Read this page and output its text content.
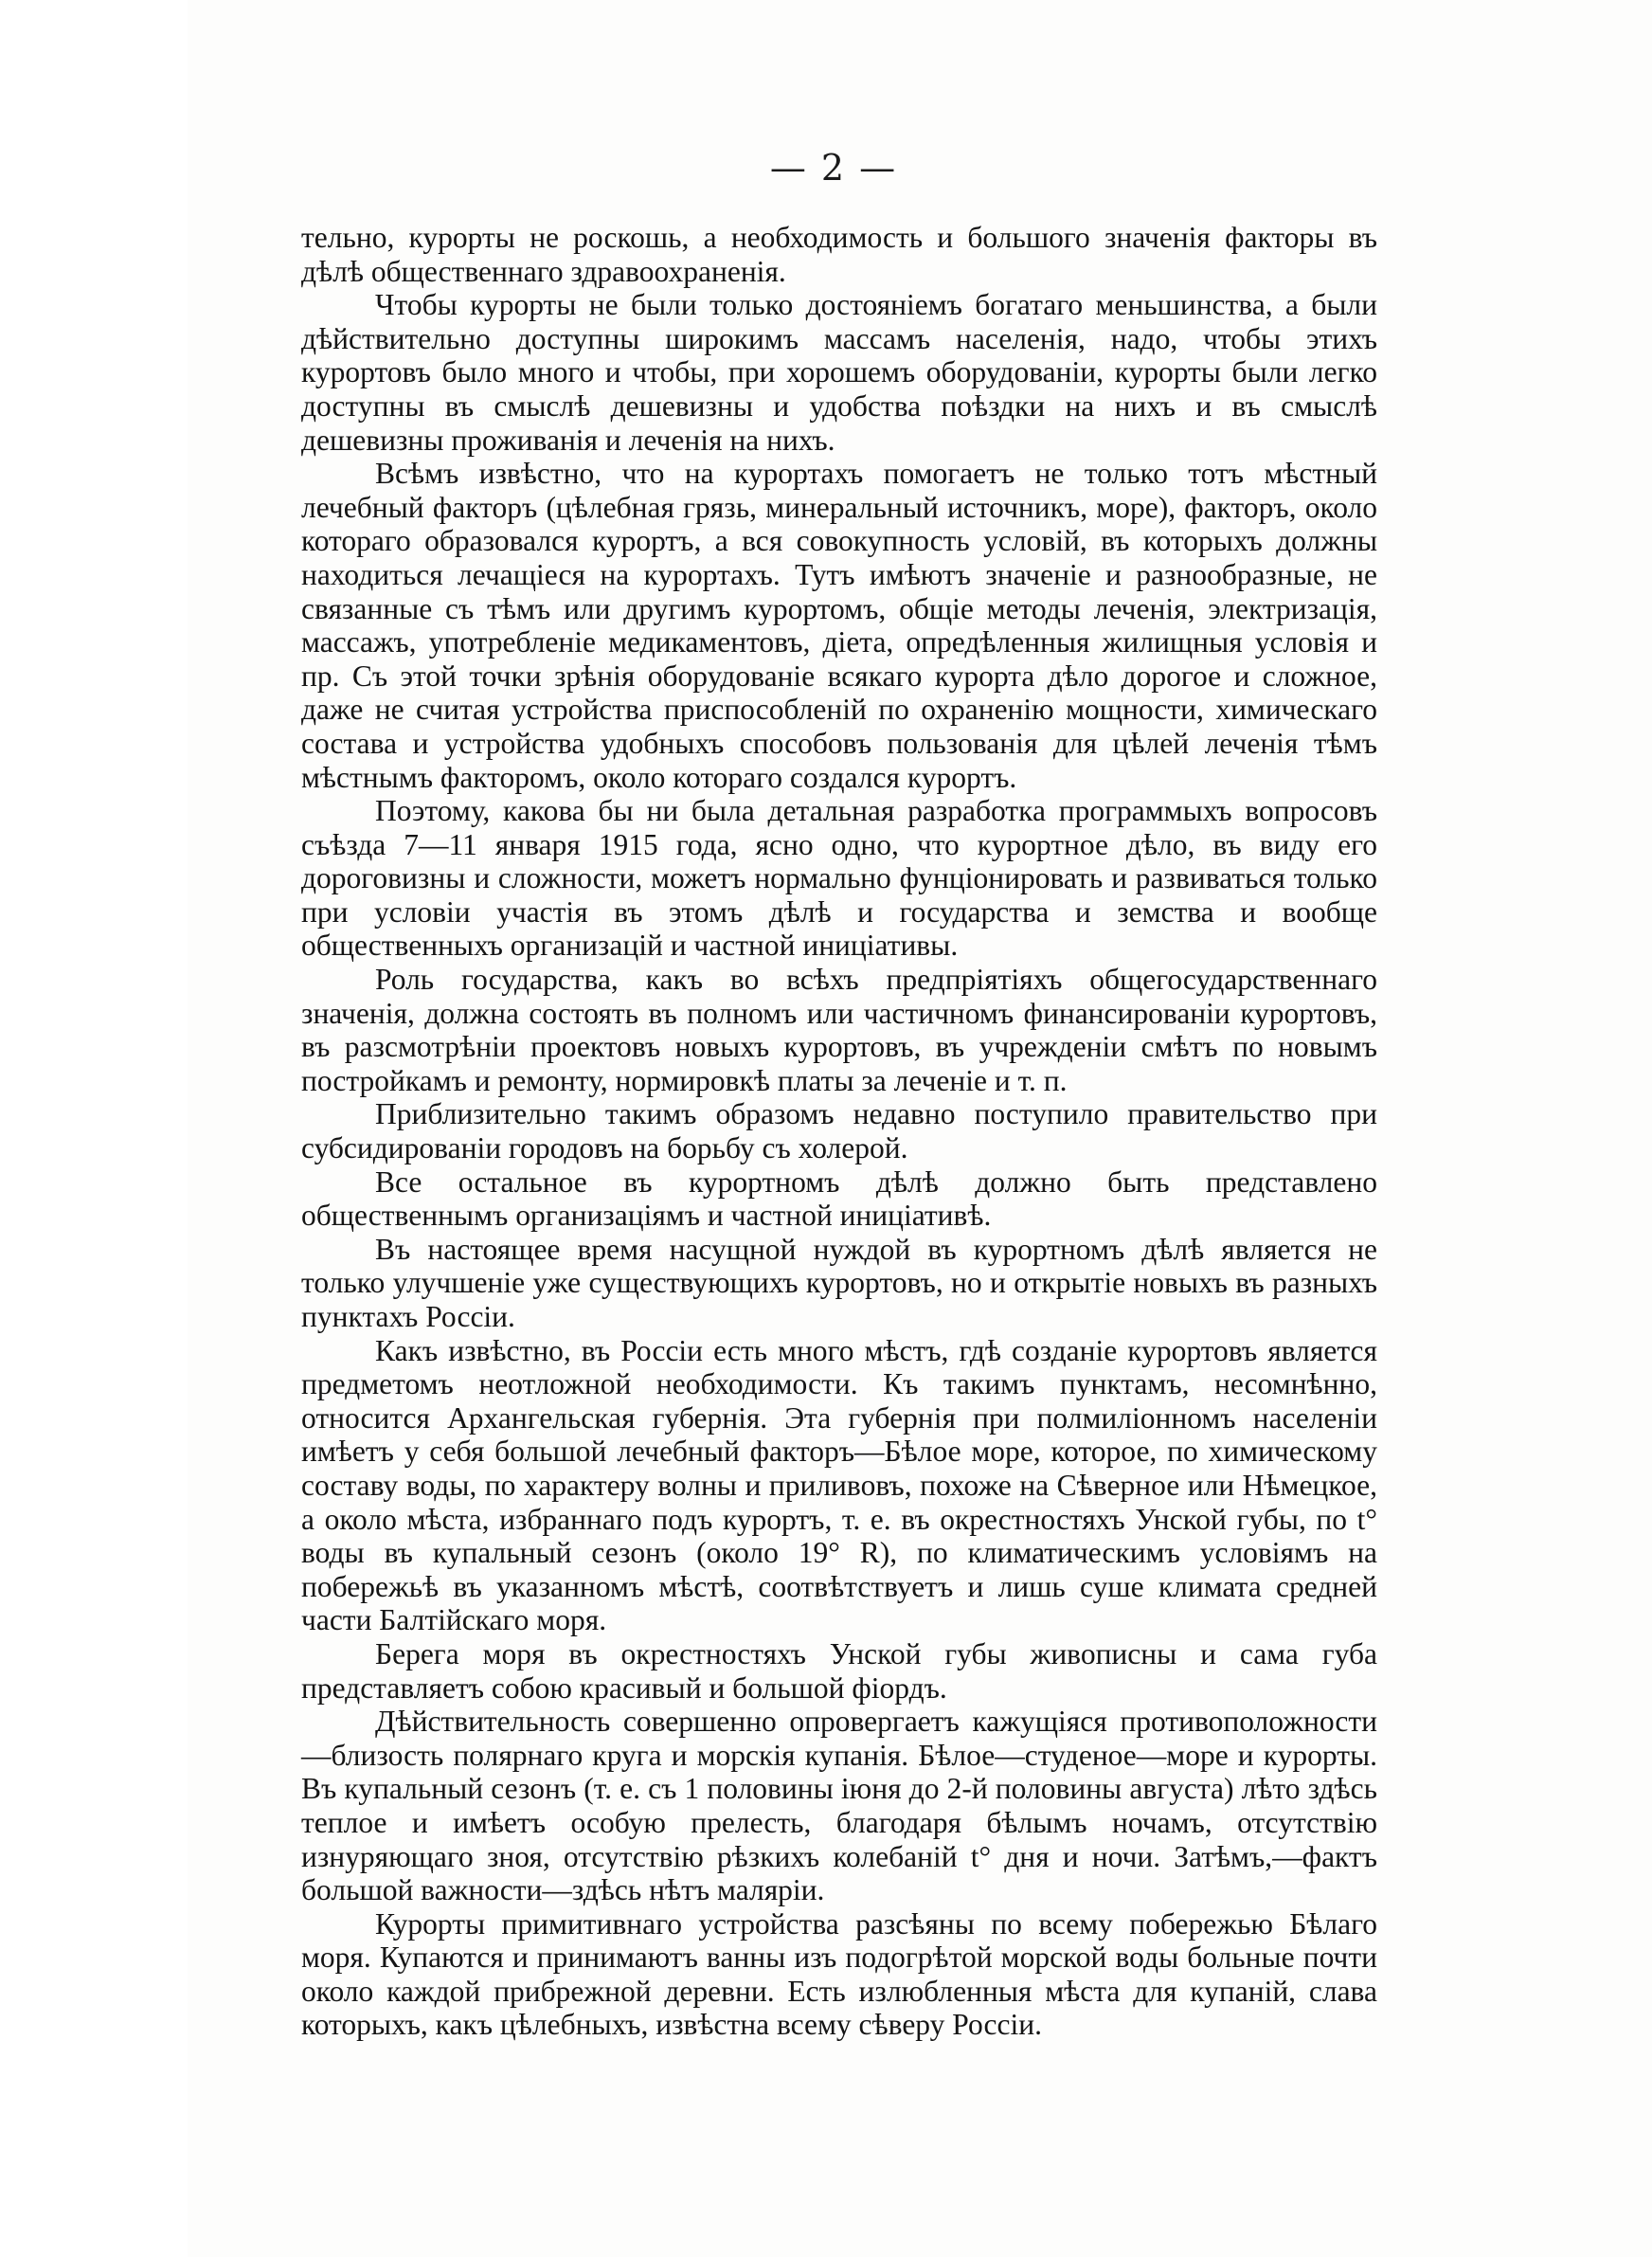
— 2 —

тельно, курорты не роскошь, а необходимость и большого значенія факторы въ дѣлѣ общественнаго здравоохраненія.

Чтобы курорты не были только достояніемъ богатаго меньшинства, а были дѣйствительно доступны широкимъ массамъ населенія, надо, чтобы этихъ курортовъ было много и чтобы, при хорошемъ оборудованіи, курорты были легко доступны въ смыслѣ дешевизны и удобства поѣздки на нихъ и въ смыслѣ дешевизны проживанія и леченія на нихъ.

Всѣмъ извѣстно, что на курортахъ помогаетъ не только тотъ мѣстный лечебный факторъ (цѣлебная грязь, минеральный источникъ, море), факторъ, около котораго образовался курортъ, а вся совокупность условій, въ которыхъ должны находиться лечащіеся на курортахъ. Тутъ имѣютъ значеніе и разнообразные, не связанные съ тѣмъ или другимъ курортомъ, общіе методы леченія, электризація, массажъ, употребленіе медикаментовъ, діета, опредѣленныя жилищныя условія и пр. Съ этой точки зрѣнія оборудованіе всякаго курорта дѣло дорогое и сложное, даже не считая устройства приспособленій по охраненію мощности, химическаго состава и устройства удобныхъ способовъ пользованія для цѣлей леченія тѣмъ мѣстнымъ факторомъ, около котораго создался курортъ.

Поэтому, какова бы ни была детальная разработка программыхъ вопросовъ съѣзда 7—11 января 1915 года, ясно одно, что курортное дѣло, въ виду его дороговизны и сложности, можетъ нормально фунціонировать и развиваться только при условіи участія въ этомъ дѣлѣ и государства и земства и вообще общественныхъ организацій и частной иниціативы.

Роль государства, какъ во всѣхъ предпріятіяхъ общегосударственнаго значенія, должна состоять въ полномъ или частичномъ финансированіи курортовъ, въ разсмотрѣніи проектовъ новыхъ курортовъ, въ учрежденіи смѣтъ по новымъ постройкамъ и ремонту, нормировкѣ платы за леченіе и т. п.

Приблизительно такимъ образомъ недавно поступило правительство при субсидированіи городовъ на борьбу съ холерой.

Все остальное въ курортномъ дѣлѣ должно быть представлено общественнымъ организаціямъ и частной иниціативѣ.

Въ настоящее время насущной нуждой въ курортномъ дѣлѣ является не только улучшеніе уже существующихъ курортовъ, но и открытіе новыхъ въ разныхъ пунктахъ Россіи.

Какъ извѣстно, въ Россіи есть много мѣстъ, гдѣ созданіе курортовъ является предметомъ неотложной необходимости. Къ такимъ пунктамъ, несомнѣнно, относится Архангельская губернія. Эта губернія при полмиліонномъ населеніи имѣетъ у себя большой лечебный факторъ—Бѣлое море, которое, по химическому составу воды, по характеру волны и приливовъ, похоже на Сѣверное или Нѣмецкое, а около мѣста, избраннаго подъ курортъ, т. е. въ окрестностяхъ Унской губы, по t° воды въ купальный сезонъ (около 19° R), по климатическимъ условіямъ на побережьѣ въ указанномъ мѣстѣ, соотвѣтствуетъ и лишь суше климата средней части Балтійскаго моря.

Берега моря въ окрестностяхъ Унской губы живописны и сама губа представляетъ собою красивый и большой фіордъ.

Дѣйствительность совершенно опровергаетъ кажущіяся противоположности—близость полярнаго круга и морскія купанія. Бѣлое—студеное—море и курорты. Въ купальный сезонъ (т. е. съ 1 половины іюня до 2-й половины августа) лѣто здѣсь теплое и имѣетъ особую прелесть, благодаря бѣлымъ ночамъ, отсутствію изнуряющаго зноя, отсутствію рѣзкихъ колебаній t° дня и ночи. Затѣмъ,—фактъ большой важности—здѣсь нѣтъ маляріи.

Курорты примитивнаго устройства разсѣяны по всему побережью Бѣлаго моря. Купаются и принимаютъ ванны изъ подогрѣтой морской воды больные почти около каждой прибрежной деревни. Есть излюбленныя мѣста для купаній, слава которыхъ, какъ цѣлебныхъ, извѣстна всему сѣверу Россіи.
